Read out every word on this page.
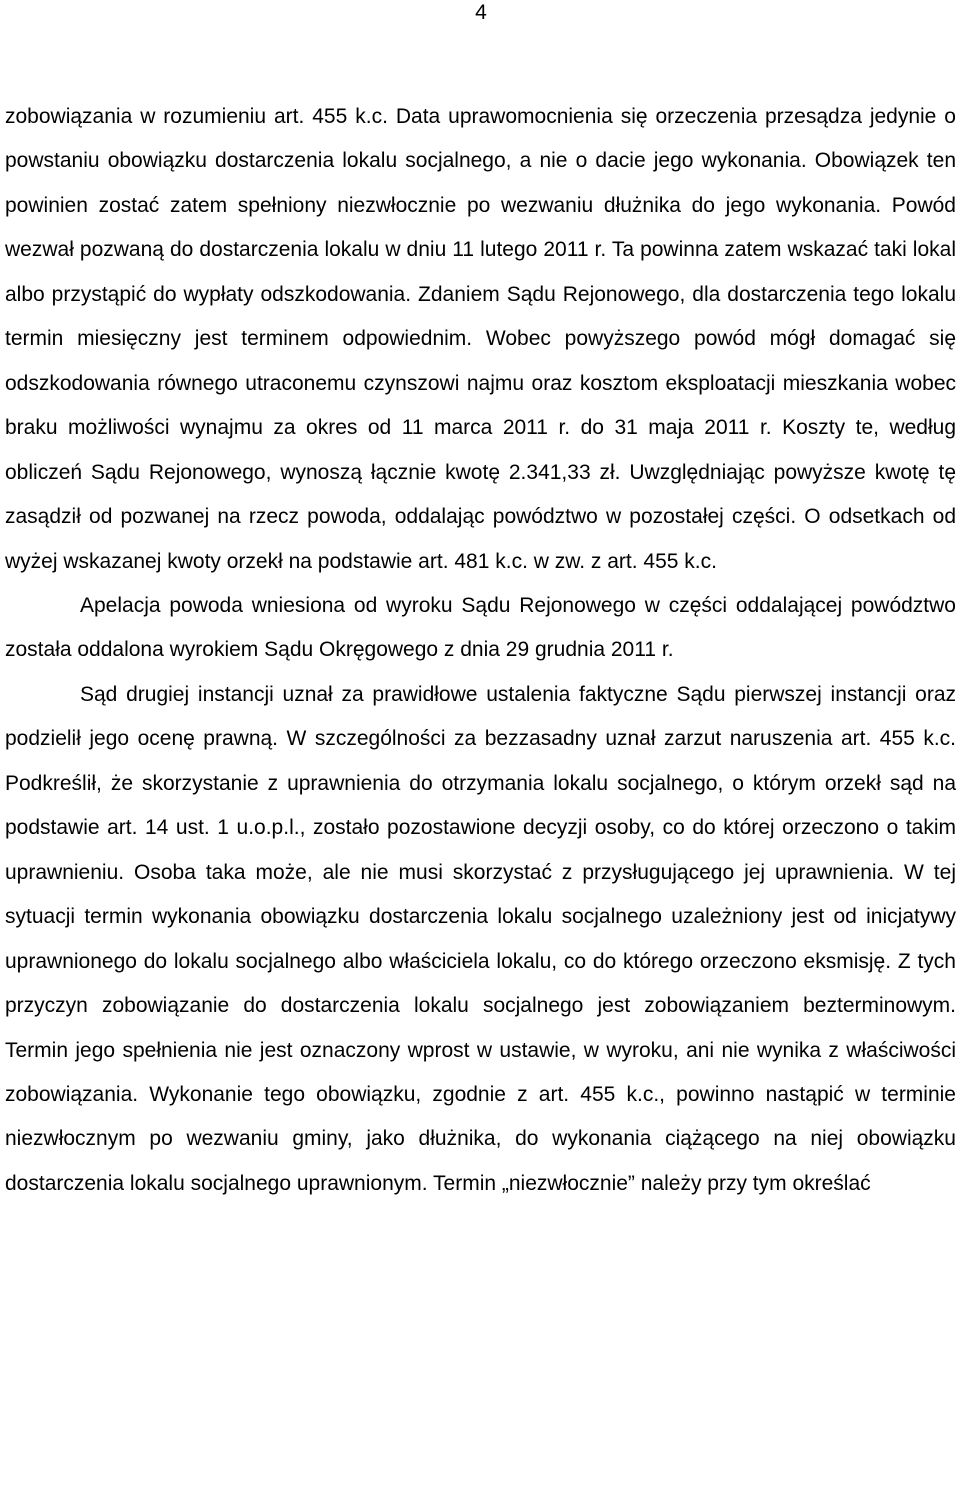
4

zobowiązania w rozumieniu art. 455 k.c. Data uprawomocnienia się orzeczenia przesądza jedynie o powstaniu obowiązku dostarczenia lokalu socjalnego, a nie o dacie jego wykonania. Obowiązek ten powinien zostać zatem spełniony niezwłocznie po wezwaniu dłużnika do jego wykonania. Powód wezwał pozwaną do dostarczenia lokalu w dniu 11 lutego 2011 r. Ta powinna zatem wskazać taki lokal albo przystąpić do wypłaty odszkodowania. Zdaniem Sądu Rejonowego, dla dostarczenia tego lokalu termin miesięczny jest terminem odpowiednim. Wobec powyższego powód mógł domagać się odszkodowania równego utraconemu czynszowi najmu oraz kosztom eksploatacji mieszkania wobec braku możliwości wynajmu za okres od 11 marca 2011 r. do 31 maja 2011 r. Koszty te, według obliczeń Sądu Rejonowego, wynoszą łącznie kwotę 2.341,33 zł. Uwzględniając powyższe kwotę tę zasądził od pozwanej na rzecz powoda, oddalając powództwo w pozostałej części. O odsetkach od wyżej wskazanej kwoty orzekł na podstawie art. 481 k.c. w zw. z art. 455 k.c.

Apelacja powoda wniesiona od wyroku Sądu Rejonowego w części oddalającej powództwo została oddalona wyrokiem Sądu Okręgowego z dnia 29 grudnia 2011 r.

Sąd drugiej instancji uznał za prawidłowe ustalenia faktyczne Sądu pierwszej instancji oraz podzielił jego ocenę prawną. W szczególności za bezzasadny uznał zarzut naruszenia art. 455 k.c. Podkreślił, że skorzystanie z uprawnienia do otrzymania lokalu socjalnego, o którym orzekł sąd na podstawie art. 14 ust. 1 u.o.p.l., zostało pozostawione decyzji osoby, co do której orzeczono o takim uprawnieniu. Osoba taka może, ale nie musi skorzystać z przysługującego jej uprawnienia. W tej sytuacji termin wykonania obowiązku dostarczenia lokalu socjalnego uzależniony jest od inicjatywy uprawnionego do lokalu socjalnego albo właściciela lokalu, co do którego orzeczono eksmisję. Z tych przyczyn zobowiązanie do dostarczenia lokalu socjalnego jest zobowiązaniem bezterminowym. Termin jego spełnienia nie jest oznaczony wprost w ustawie, w wyroku, ani nie wynika z właściwości zobowiązania. Wykonanie tego obowiązku, zgodnie z art. 455 k.c., powinno nastąpić w terminie niezwłocznym po wezwaniu gminy, jako dłużnika, do wykonania ciążącego na niej obowiązku dostarczenia lokalu socjalnego uprawnionym. Termin „niezwłocznie” należy przy tym określać
